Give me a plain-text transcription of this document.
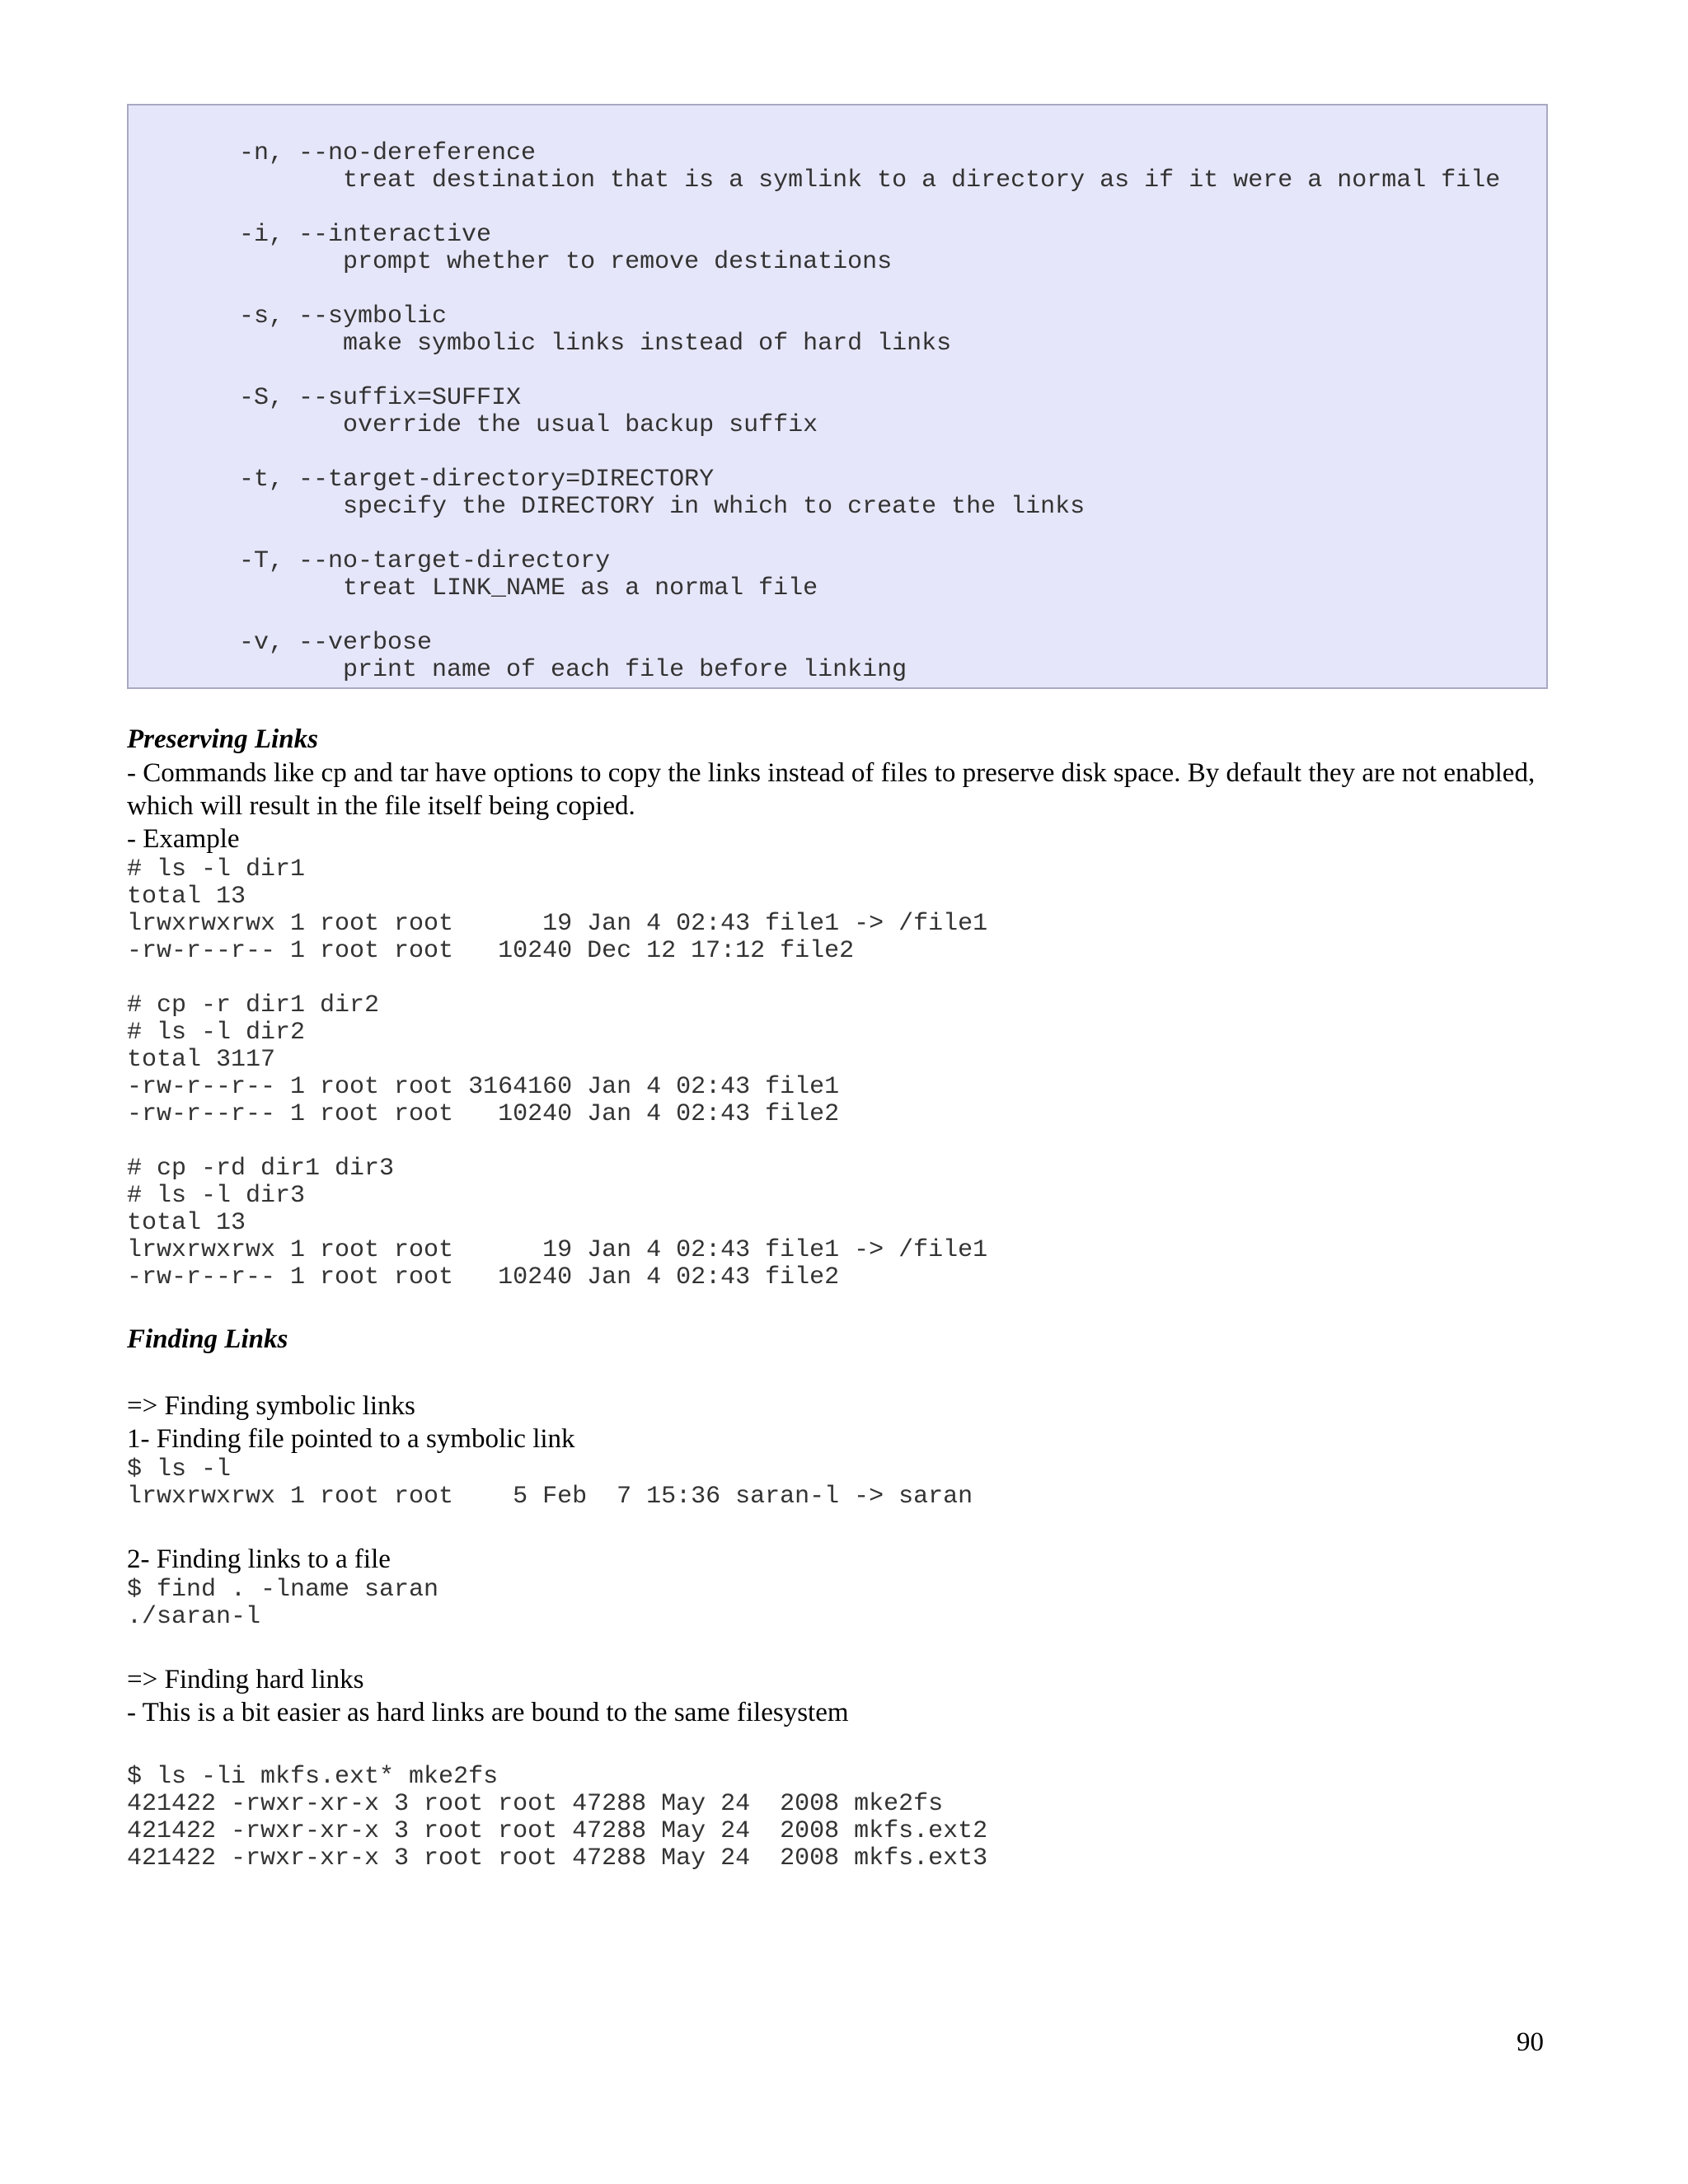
-n, --no-dereference
treat destination that is a symlink to a directory as if it were a normal file

-i, --interactive
prompt whether to remove destinations

-s, --symbolic
make symbolic links instead of hard links

-S, --suffix=SUFFIX
override the usual backup suffix

-t, --target-directory=DIRECTORY
specify the DIRECTORY in which to create the links

-T, --no-target-directory
treat LINK_NAME as a normal file

-v, --verbose
print name of each file before linking
Preserving Links
- Commands like cp and tar have options to copy the links instead of files to preserve disk space. By default they are not enabled, which will result in the file itself being copied.
- Example
# ls -l dir1
total 13
lrwxrwxrwx 1 root root      19 Jan 4 02:43 file1 -> /file1
-rw-r--r-- 1 root root   10240 Dec 12 17:12 file2

# cp -r dir1 dir2
# ls -l dir2
total 3117
-rw-r--r-- 1 root root 3164160 Jan 4 02:43 file1
-rw-r--r-- 1 root root   10240 Jan 4 02:43 file2

# cp -rd dir1 dir3
# ls -l dir3
total 13
lrwxrwxrwx 1 root root      19 Jan 4 02:43 file1 -> /file1
-rw-r--r-- 1 root root   10240 Jan 4 02:43 file2
Finding Links
=> Finding symbolic links
1- Finding file pointed to a symbolic link
$ ls -l
lrwxrwxrwx 1 root root    5 Feb  7 15:36 saran-l -> saran
2- Finding links to a file
$ find . -lname saran
./saran-l
=> Finding hard links
- This is a bit easier as hard links are bound to the same filesystem
$ ls -li mkfs.ext* mke2fs
421422 -rwxr-xr-x 3 root root 47288 May 24  2008 mke2fs
421422 -rwxr-xr-x 3 root root 47288 May 24  2008 mkfs.ext2
421422 -rwxr-xr-x 3 root root 47288 May 24  2008 mkfs.ext3
90
